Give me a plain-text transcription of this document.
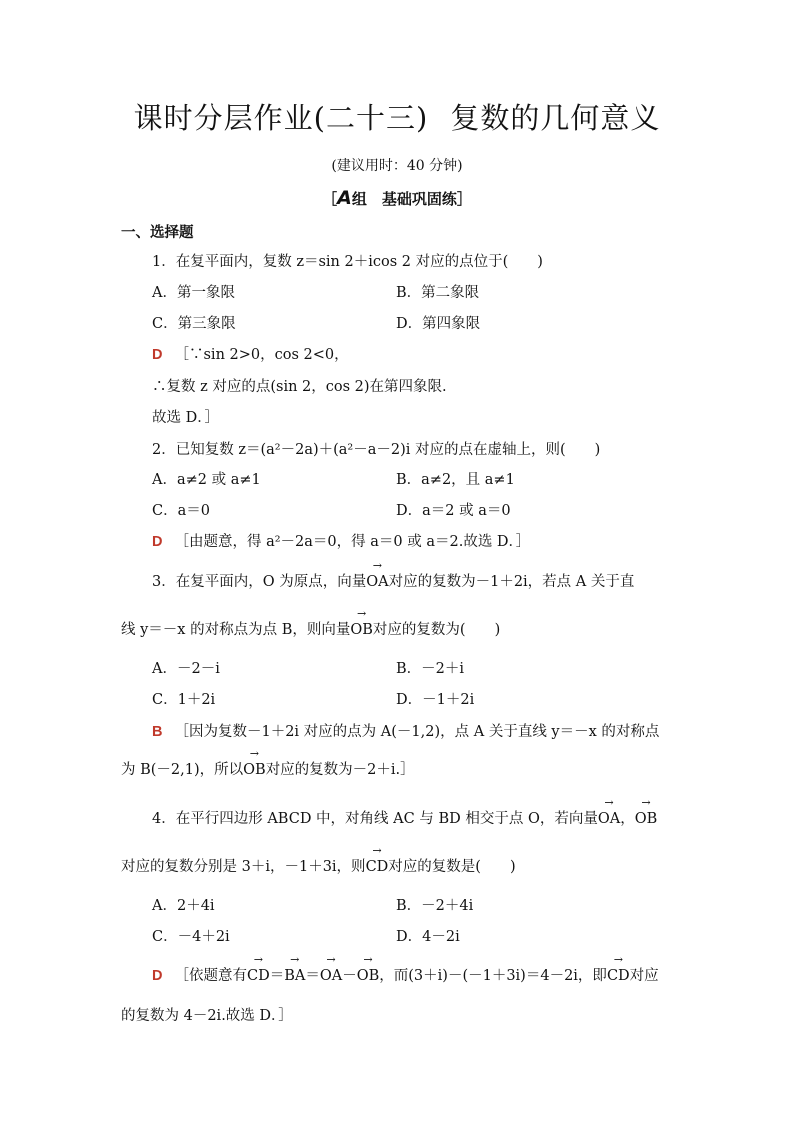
课时分层作业(二十三) 复数的几何意义
(建议用时：40 分钟)
［A组　基础巩固练］
一、选择题
1．在复平面内，复数 z＝sin 2＋icos 2 对应的点位于(　　)
A．第一象限	B．第二象限
C．第三象限	D．第四象限
D ［∵sin 2>0，cos 2<0，
∴复数 z 对应的点(sin 2，cos 2)在第四象限.
故选 D．］
2．已知复数 z＝(a²－2a)＋(a²－a－2)i 对应的点在虚轴上，则(　　)
A．a≠2 或 a≠1	B．a≠2，且 a≠1
C．a＝0	D．a＝2 或 a＝0
D ［由题意，得 a²－2a＝0，得 a＝0 或 a＝2.故选 D．］
3．在复平面内，O 为原点，向量→ OA对应的复数为－1＋2i，若点 A 关于直
线 y＝－x 的对称点为点 B，则向量→ OB对应的复数为(　　)
A．－2－i	B．－2＋i
C．1＋2i	D．－1＋2i
B ［因为复数－1＋2i 对应的点为 A(－1,2)，点 A 关于直线 y＝－x 的对称点
为 B(－2,1)，所以→ OB对应的复数为－2＋i.］
4．在平行四边形 ABCD 中，对角线 AC 与 BD 相交于点 O，若向量→ OA，→ OB
对应的复数分别是 3＋i，－1＋3i，则→ CD对应的复数是(　　)
A．2＋4i	B．－2＋4i
C．－4＋2i	D．4－2i
D ［依题意有→ CD＝→ BA＝→ OA－→ OB，而(3＋i)－(－1＋3i)＝4－2i，即→ CD对应
的复数为 4－2i.故选 D．］
